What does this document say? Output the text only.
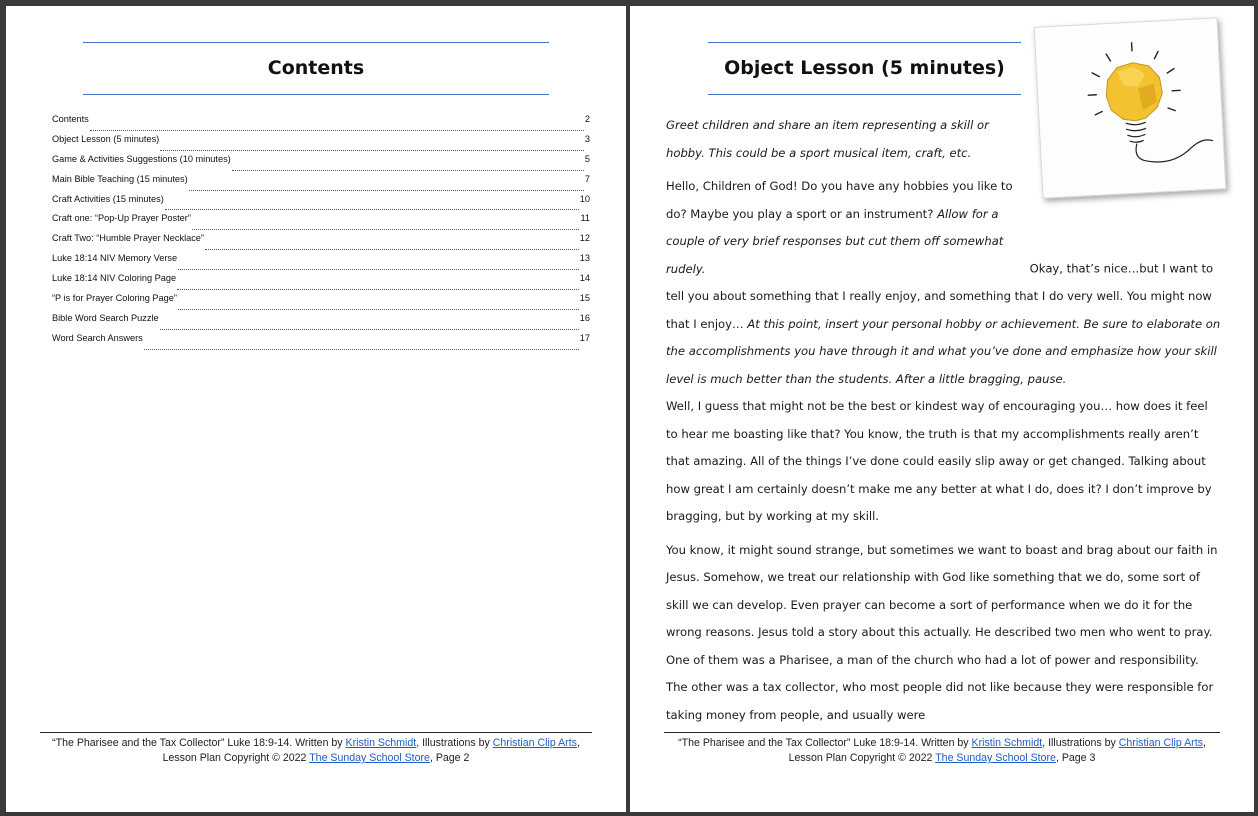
Contents
Contents	2
Object Lesson (5 minutes)	3
Game & Activities Suggestions (10 minutes)	5
Main Bible Teaching (15 minutes)	7
Craft Activities (15 minutes)	10
Craft one: “Pop-Up Prayer Poster”	11
Craft Two: “Humble Prayer Necklace”	12
Luke 18:14 NIV Memory Verse	13
Luke 18:14 NIV Coloring Page	14
“P is for Prayer Coloring Page”	15
Bible Word Search Puzzle	16
Word Search Answers	17
“The Pharisee and the Tax Collector” Luke 18:9-14. Written by Kristin Schmidt, Illustrations by Christian Clip Arts, Lesson Plan Copyright © 2022 The Sunday School Store, Page 2
Object Lesson (5 minutes)

Greet children and share an item representing a skill or hobby. This could be a sport musical item, craft, etc.

Hello, Children of God! Do you have any hobbies you like to do? Maybe you play a sport or an instrument? Allow for a couple of very brief responses but cut them off somewhat rudely.	Okay, that’s nice…but I want to tell you about something that I really enjoy, and something that I do very well. You might now that I enjoy… At this point, insert your personal hobby or achievement. Be sure to elaborate on the accomplishments you have through it and what you’ve done and emphasize how your skill level is much better than the students. After a little bragging, pause.

Well, I guess that might not be the best or kindest way of encouraging you… how does it feel to hear me boasting like that? You know, the truth is that my accomplishments really aren’t that amazing. All of the things I’ve done could easily slip away or get changed. Talking about how great I am certainly doesn’t make me any better at what I do, does it? I don’t improve by bragging, but by working at my skill.

You know, it might sound strange, but sometimes we want to boast and brag about our faith in Jesus. Somehow, we treat our relationship with God like something that we do, some sort of skill we can develop. Even prayer can become a sort of performance when we do it for the wrong reasons. Jesus told a story about this actually. He described two men who went to pray. One of them was a Pharisee, a man of the church who had a lot of power and responsibility. The other was a tax collector, who most people did not like because they were responsible for taking money from people, and usually were

“The Pharisee and the Tax Collector” Luke 18:9-14. Written by Kristin Schmidt, Illustrations by Christian Clip Arts, Lesson Plan Copyright © 2022 The Sunday School Store, Page 3
